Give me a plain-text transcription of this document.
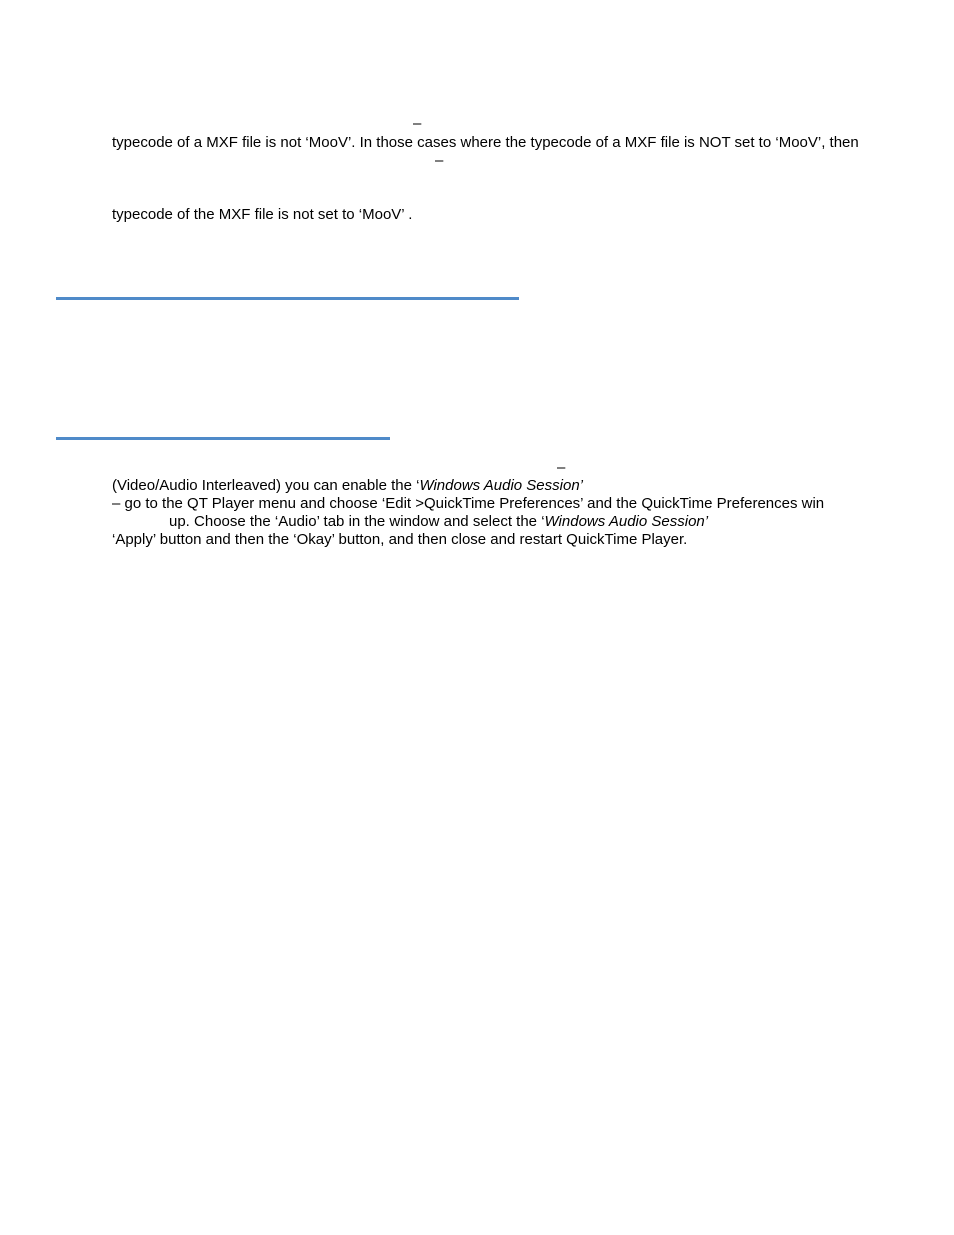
–
typecode of a MXF file is not ‘MooV’. In those cases where the typecode of a MXF file is NOT set to ‘MooV’, then
–
typecode of the MXF file is not set to ‘MooV’ .
–
(Video/Audio Interleaved) you can enable the ‘Windows Audio Session’
– go to the QT Player menu and choose ‘Edit >QuickTime Preferences’ and the QuickTime Preferences win
up. Choose the ‘Audio’ tab in the window and select the ‘Windows Audio Session’
‘Apply’ button and then the ‘Okay’ button, and then close and restart QuickTime Player.
